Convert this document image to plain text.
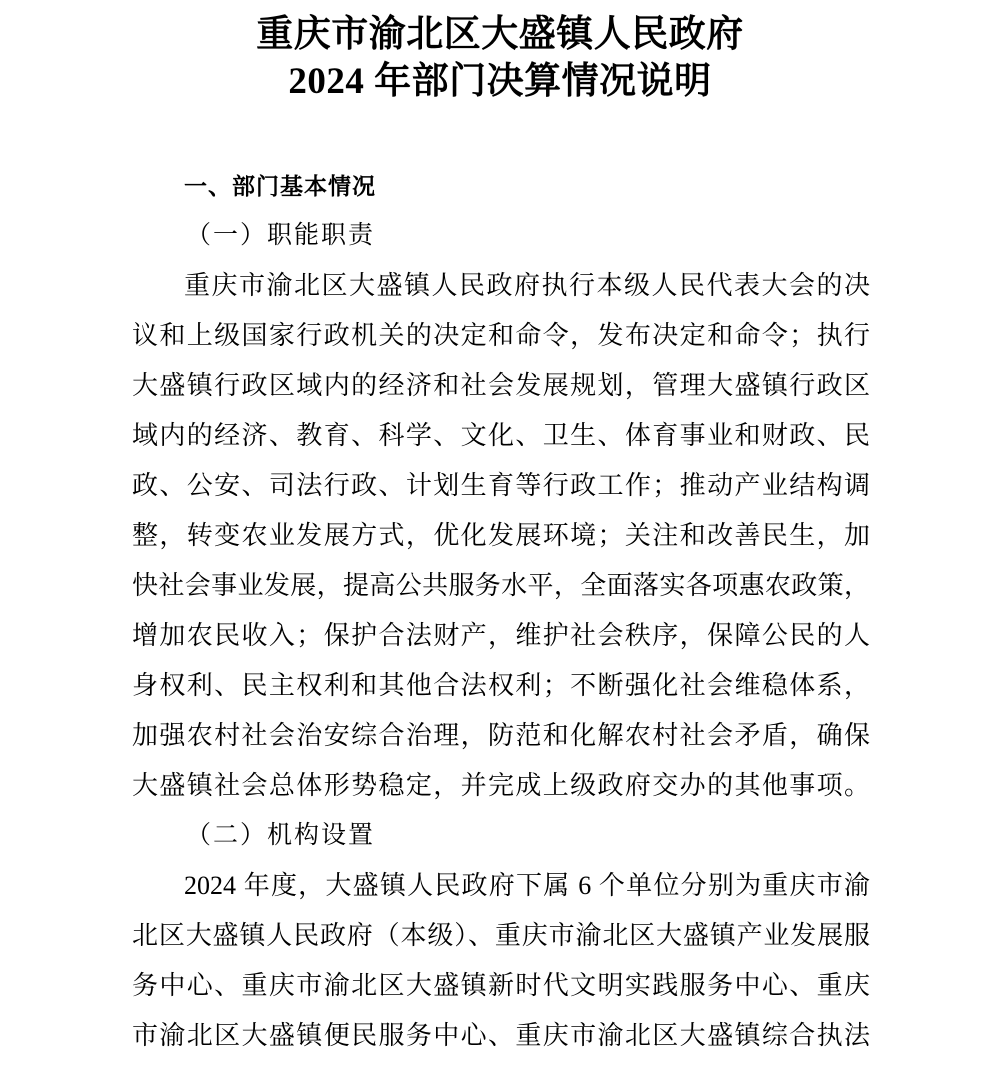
重庆市渝北区大盛镇人民政府
2024 年部门决算情况说明
一、部门基本情况
（一）职能职责
重庆市渝北区大盛镇人民政府执行本级人民代表大会的决
议和上级国家行政机关的决定和命令，发布决定和命令；执行
大盛镇行政区域内的经济和社会发展规划，管理大盛镇行政区
域内的经济、教育、科学、文化、卫生、体育事业和财政、民
政、公安、司法行政、计划生育等行政工作；推动产业结构调
整，转变农业发展方式，优化发展环境；关注和改善民生，加
快社会事业发展，提高公共服务水平，全面落实各项惠农政策，
增加农民收入；保护合法财产，维护社会秩序，保障公民的人
身权利、民主权利和其他合法权利；不断强化社会维稳体系，
加强农村社会治安综合治理，防范和化解农村社会矛盾，确保
大盛镇社会总体形势稳定，并完成上级政府交办的其他事项。
（二）机构设置
2024 年度，大盛镇人民政府下属 6 个单位分别为重庆市渝
北区大盛镇人民政府（本级）、重庆市渝北区大盛镇产业发展服
务中心、重庆市渝北区大盛镇新时代文明实践服务中心、重庆
市渝北区大盛镇便民服务中心、重庆市渝北区大盛镇综合执法
